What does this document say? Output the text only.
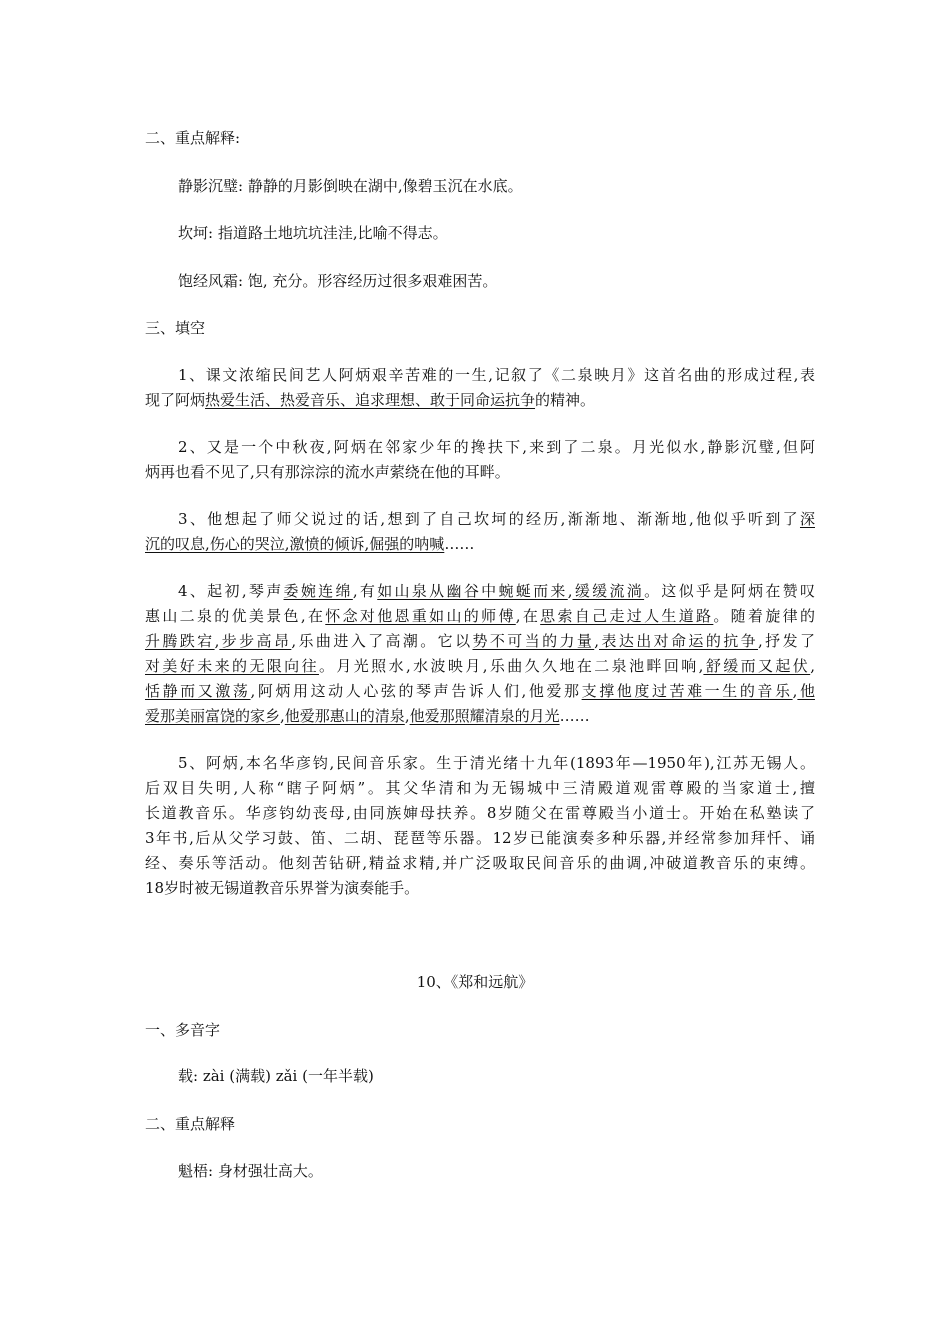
二、重点解释:
静影沉璧: 静静的月影倒映在湖中,像碧玉沉在水底。
坎坷: 指道路土地坑坑洼洼,比喻不得志。
饱经风霜: 饱, 充分。形容经历过很多艰难困苦。
三、填空
1、课文浓缩民间艺人阿炳艰辛苦难的一生,记叙了《二泉映月》这首名曲的形成过程,表
现了阿炳热爱生活、热爱音乐、追求理想、敢于同命运抗争的精神。
2、又是一个中秋夜,阿炳在邻家少年的搀扶下,来到了二泉。月光似水,静影沉璧,但阿
炳再也看不见了,只有那淙淙的流水声萦绕在他的耳畔。
3、他想起了师父说过的话,想到了自己坎坷的经历,渐渐地、渐渐地,他似乎听到了深
沉的叹息,伤心的哭泣,激愤的倾诉,倔强的呐喊……
4、起初,琴声委婉连绵,有如山泉从幽谷中蜿蜒而来,缓缓流淌。这似乎是阿炳在赞叹
惠山二泉的优美景色,在怀念对他恩重如山的师傅,在思索自己走过人生道路。随着旋律的
升腾跌宕,步步高昂,乐曲进入了高潮。它以势不可当的力量,表达出对命运的抗争,抒发了
对美好未来的无限向往。月光照水,水波映月,乐曲久久地在二泉池畔回响,舒缓而又起伏,
恬静而又激荡,阿炳用这动人心弦的琴声告诉人们,他爱那支撑他度过苦难一生的音乐,他
爱那美丽富饶的家乡,他爱那惠山的清泉,他爱那照耀清泉的月光……
5、阿炳,本名华彦钧,民间音乐家。生于清光绪十九年(1893年—1950年),江苏无锡人。
后双目失明,人称“瞎子阿炳”。其父华清和为无锡城中三清殿道观雷尊殿的当家道士,擅
长道教音乐。华彦钧幼丧母,由同族婶母扶养。8岁随父在雷尊殿当小道士。开始在私塾读了
3年书,后从父学习鼓、笛、二胡、琵琶等乐器。12岁已能演奏多种乐器,并经常参加拜忏、诵
经、奏乐等活动。他刻苦钻研,精益求精,并广泛吸取民间音乐的曲调,冲破道教音乐的束缚。
18岁时被无锡道教音乐界誉为演奏能手。
10、《郑和远航》
一、多音字
载: zài (满载) zǎi (一年半载)
二、重点解释
魁梧: 身材强壮高大。
